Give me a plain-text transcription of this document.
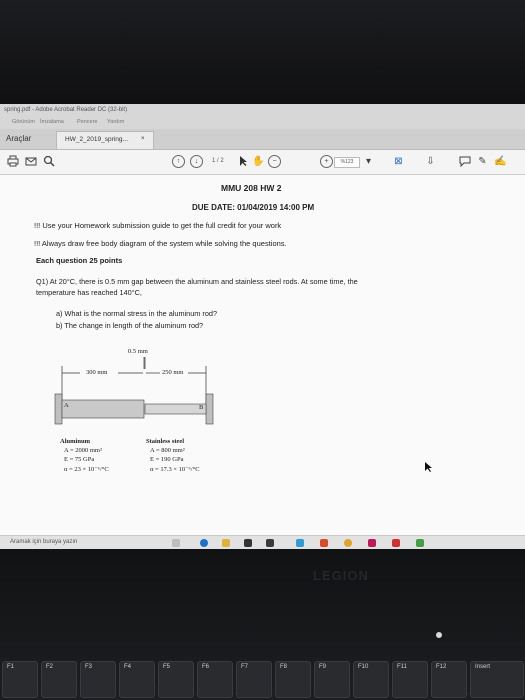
spring.pdf - Adobe Acrobat Reader DC (32-bit)
Görünüm İmzalama Pencere Yardım
Araçlar	HW_2_2019_spring... ×
↑	↓	1 / 2	✋	−	+	%123	▾	⊠ ⇩	✎ ✍
MMU 208 HW 2
DUE DATE: 01/04/2019 14:00 PM
!!! Use your Homework submission guide to get the full credit for your work
!!! Always draw free body diagram of the system while solving the questions.
Each question 25 points
Q1) At 20°C, there is 0.5 mm gap between the aluminum and stainless steel rods. At some time, the
temperature has reached 140°C,
a) What is the normal stress in the aluminum rod?
b) The change in length of the aluminum rod?
0.5 mm
300 mm	250 mm
A	B
Aluminum
A = 2000 mm²
E = 75 GPa
α = 23 × 10⁻⁶/°C
Stainless steel
A = 800 mm²
E = 190 GPa
α = 17.3 × 10⁻⁶/°C
Aramak için buraya yazın
LEGION
F1	F2	F3	F4	F5	F6	F7	F8	F9	F10	F11	F12	Insert
